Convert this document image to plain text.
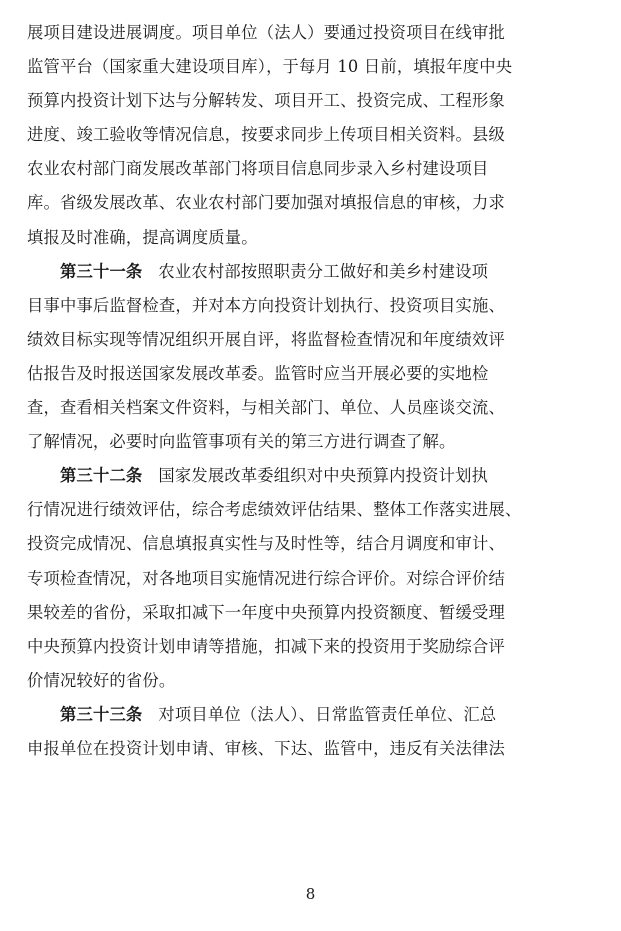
展项目建设进展调度。项目单位（法人）要通过投资项目在线审批
监管平台（国家重大建设项目库），于每月 10 日前，填报年度中央
预算内投资计划下达与分解转发、项目开工、投资完成、工程形象
进度、竣工验收等情况信息，按要求同步上传项目相关资料。县级
农业农村部门商发展改革部门将项目信息同步录入乡村建设项目
库。省级发展改革、农业农村部门要加强对填报信息的审核，力求
填报及时准确，提高调度质量。
第三十一条 农业农村部按照职责分工做好和美乡村建设项
目事中事后监督检查，并对本方向投资计划执行、投资项目实施、
绩效目标实现等情况组织开展自评，将监督检查情况和年度绩效评
估报告及时报送国家发展改革委。监管时应当开展必要的实地检
查，查看相关档案文件资料，与相关部门、单位、人员座谈交流、
了解情况，必要时向监管事项有关的第三方进行调查了解。
第三十二条 国家发展改革委组织对中央预算内投资计划执
行情况进行绩效评估，综合考虑绩效评估结果、整体工作落实进展、
投资完成情况、信息填报真实性与及时性等，结合月调度和审计、
专项检查情况，对各地项目实施情况进行综合评价。对综合评价结
果较差的省份，采取扣减下一年度中央预算内投资额度、暂缓受理
中央预算内投资计划申请等措施，扣减下来的投资用于奖励综合评
价情况较好的省份。
第三十三条 对项目单位（法人）、日常监管责任单位、汇总
申报单位在投资计划申请、审核、下达、监管中，违反有关法律法
8
